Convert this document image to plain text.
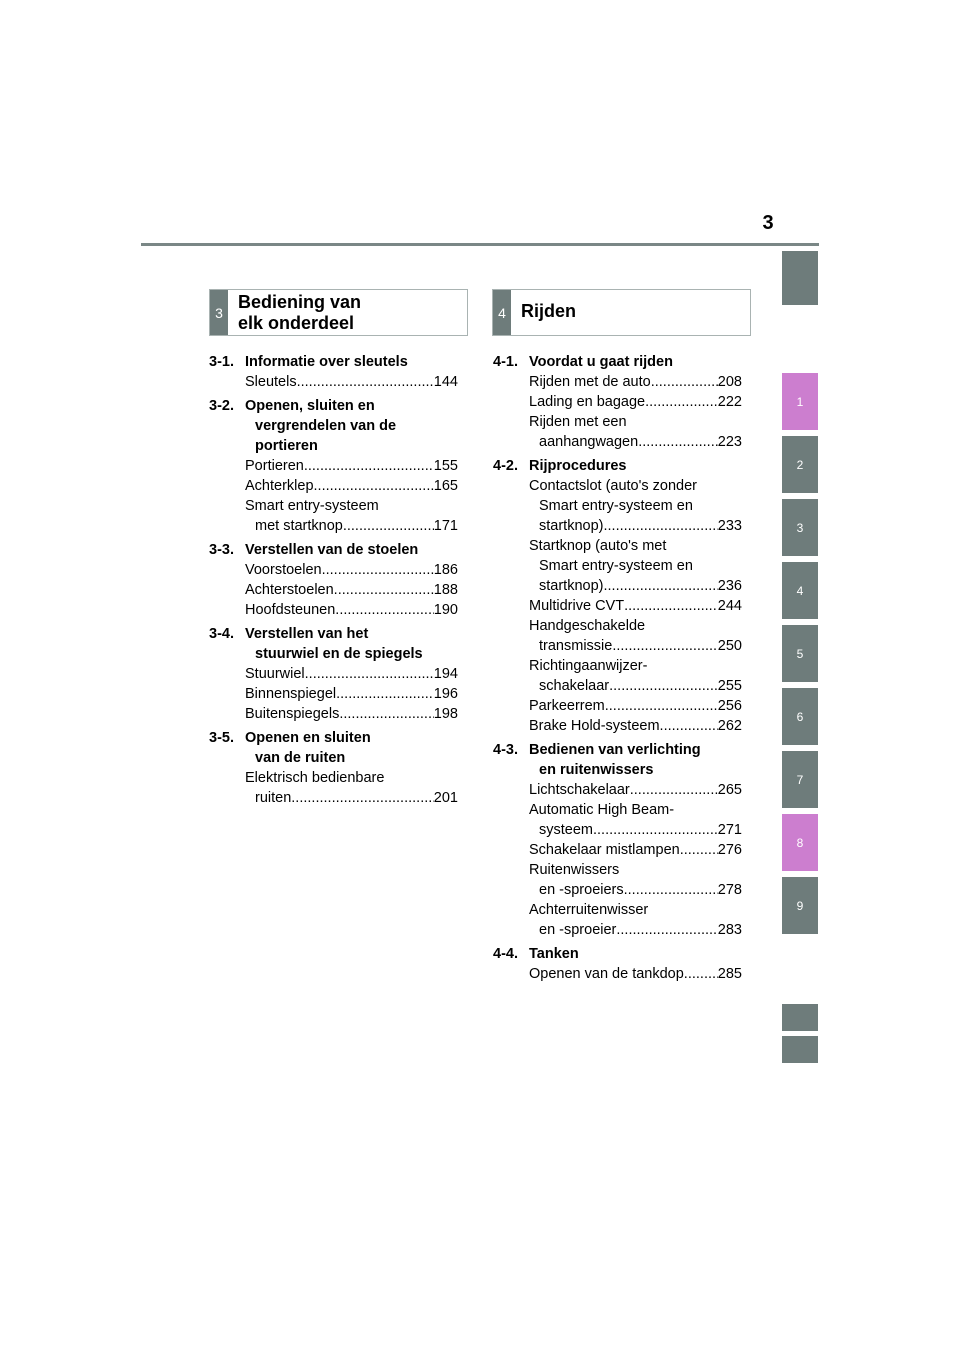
3
1
2
3
4
5
6
7
8
9
3
Bediening van
elk onderdeel
4 Rijden
3-1. Informatie over sleutels
Sleutels .....	144
3-2. Openen, sluiten en
vergrendelen van de
portieren
Portieren .....	155
Achterklep .....	165
Smart entry-systeem
met startknop .....	171
3-3. Verstellen van de stoelen
Voorstoelen .....	186
Achterstoelen .....	188
Hoofdsteunen .....	190
3-4. Verstellen van het
stuurwiel en de spiegels
Stuurwiel .....	194
Binnenspiegel .....	196
Buitenspiegels .....	198
3-5. Openen en sluiten
van de ruiten
Elektrisch bedienbare
ruiten .....	201
4-1. Voordat u gaat rijden
Rijden met de auto .....	208
Lading en bagage .....	222
Rijden met een
aanhangwagen .....	223
4-2. Rijprocedures
Contactslot (auto's zonder
Smart entry-systeem en
startknop) .....	233
Startknop (auto's met
Smart entry-systeem en
startknop) .....	236
Multidrive CVT .....	244
Handgeschakelde
transmissie .....	250
Richtingaanwijzer-
schakelaar .....	255
Parkeerrem .....	256
Brake Hold-systeem .....	262
4-3. Bedienen van verlichting
en ruitenwissers
Lichtschakelaar .....	265
Automatic High Beam-
systeem .....	271
Schakelaar mistlampen .....	276
Ruitenwissers
en -sproeiers .....	278
Achterruitenwisser
en -sproeier .....	283
4-4. Tanken
Openen van de tankdop ..... 285
